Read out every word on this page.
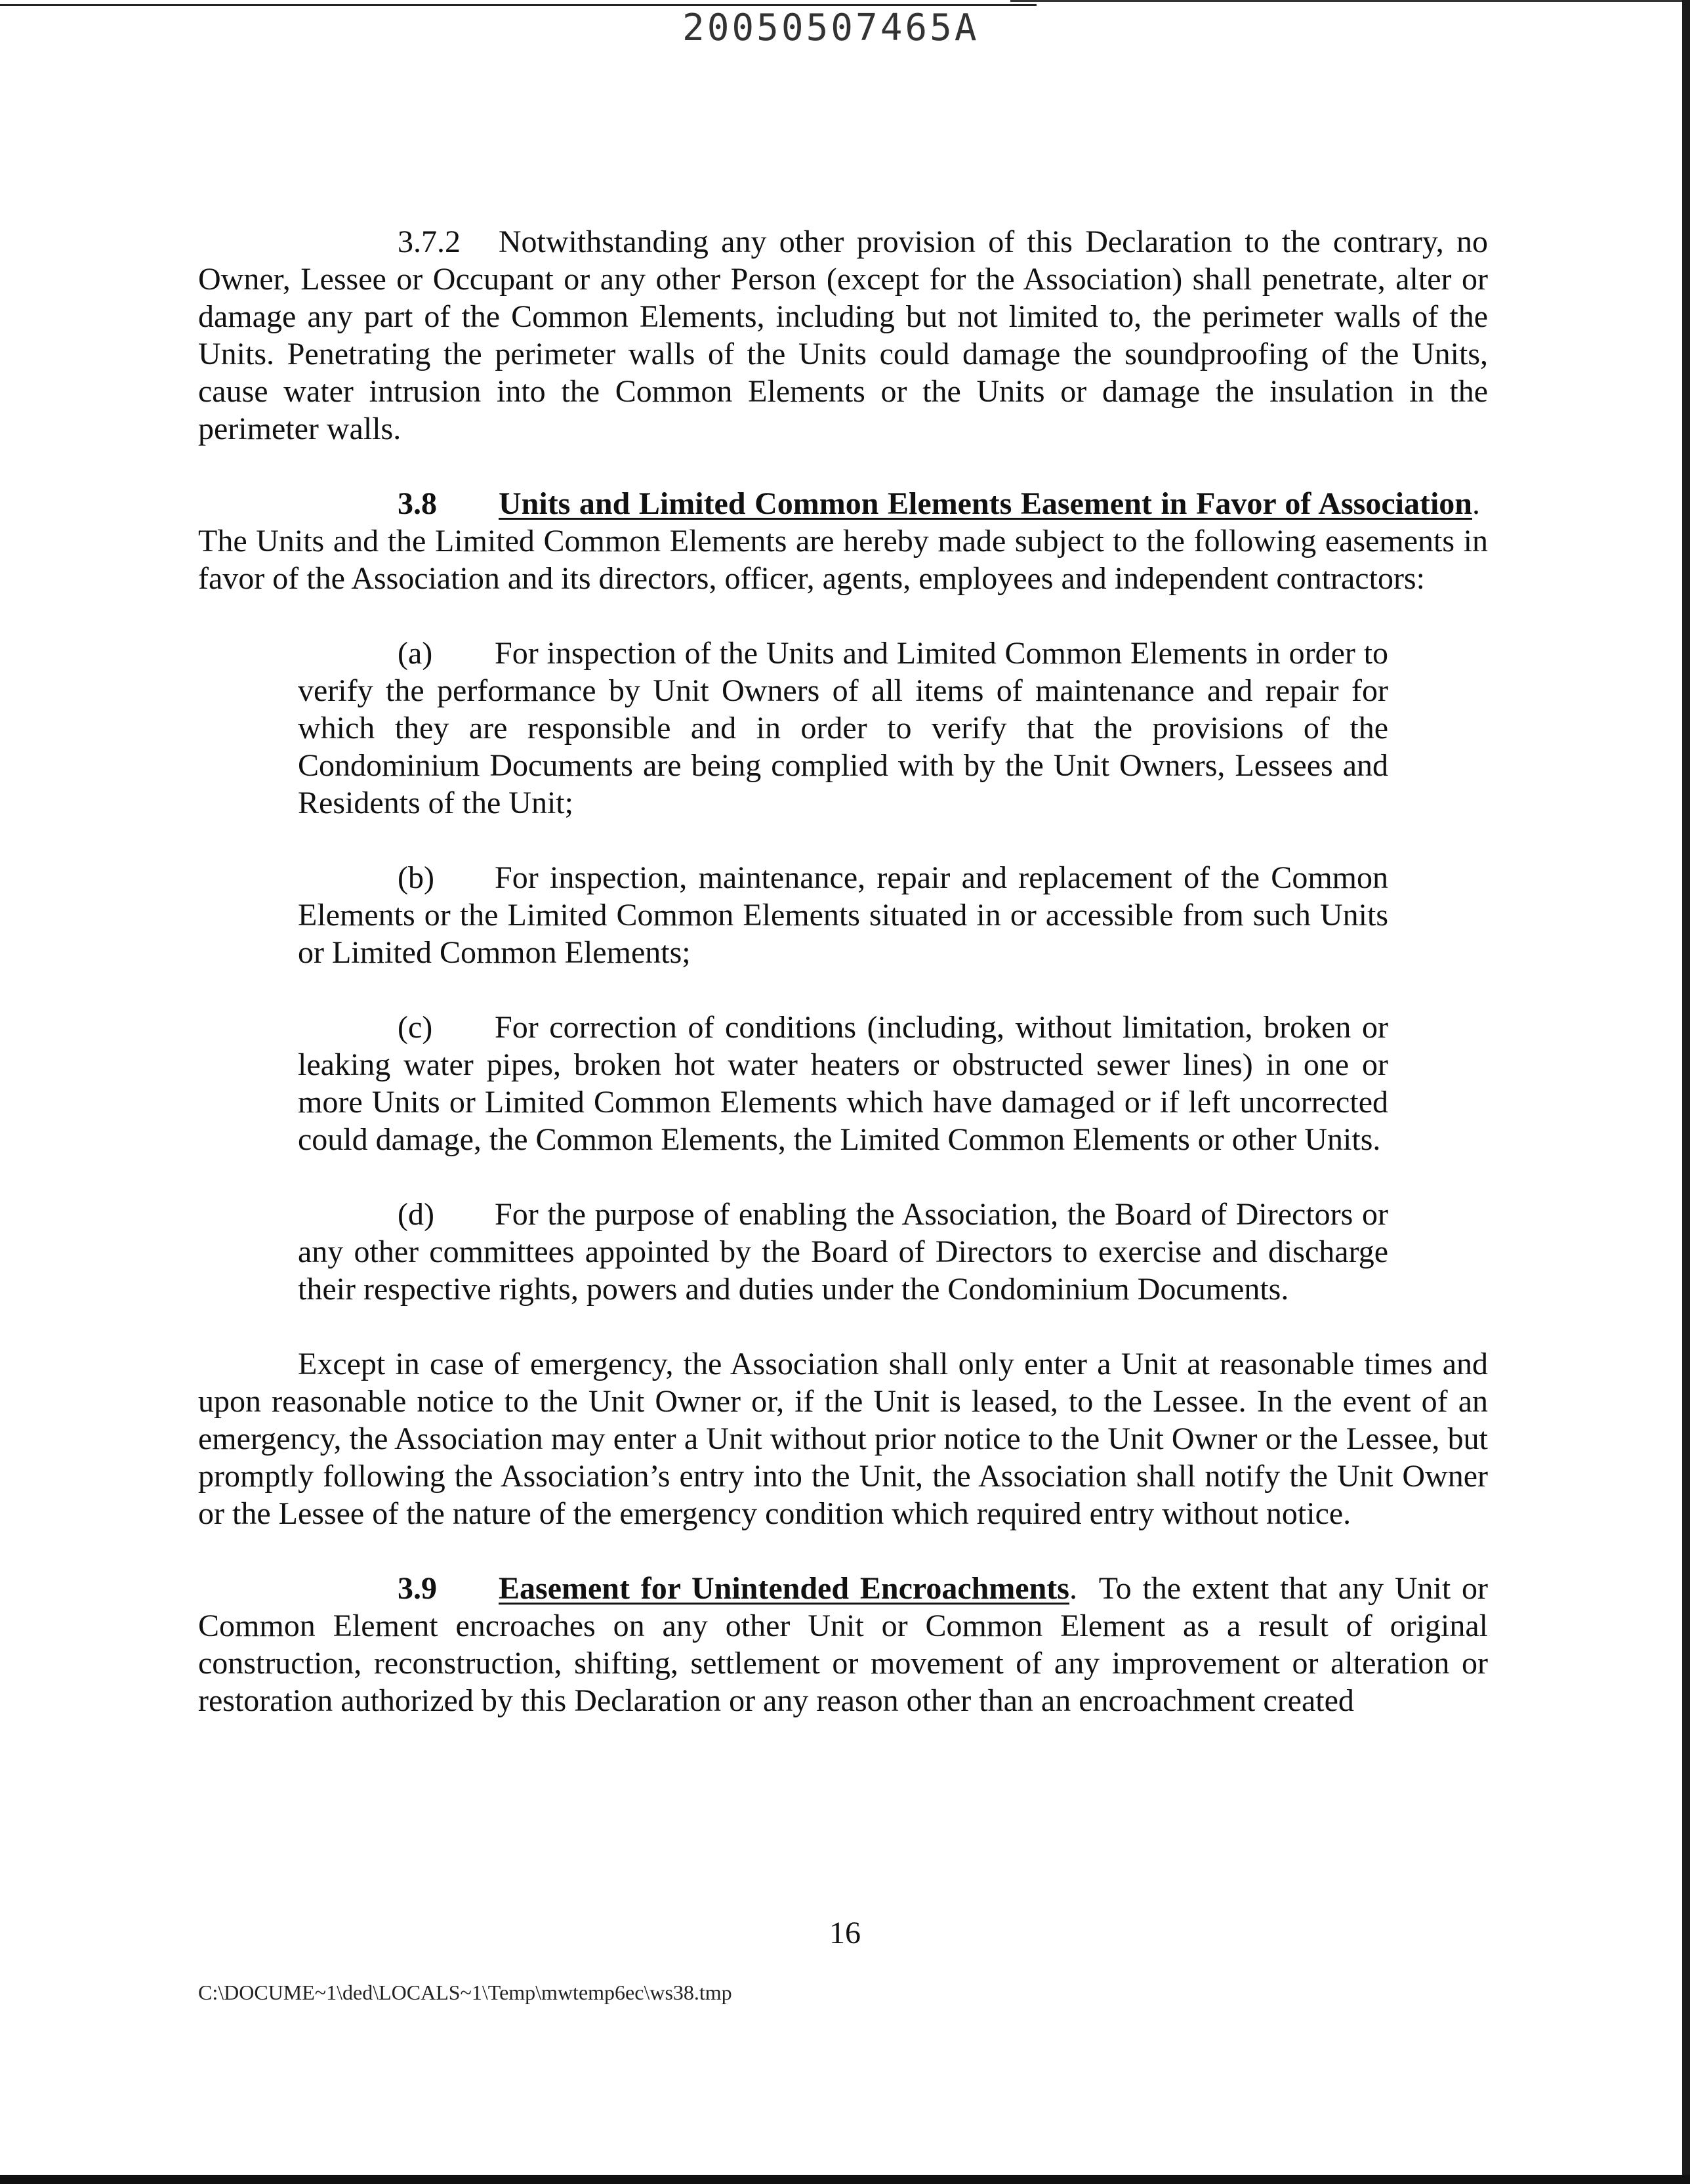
20050507465A

3.7.2 Notwithstanding any other provision of this Declaration to the contrary, no Owner, Lessee or Occupant or any other Person (except for the Association) shall penetrate, alter or damage any part of the Common Elements, including but not limited to, the perimeter walls of the Units. Penetrating the perimeter walls of the Units could damage the soundproofing of the Units, cause water intrusion into the Common Elements or the Units or damage the insulation in the perimeter walls.

3.8 Units and Limited Common Elements Easement in Favor of Association.  The Units and the Limited Common Elements are hereby made subject to the following easements in favor of the Association and its directors, officer, agents, employees and independent contractors:

(a) For inspection of the Units and Limited Common Elements in order to verify the performance by Unit Owners of all items of maintenance and repair for which they are responsible and in order to verify that the provisions of the Condominium Documents are being complied with by the Unit Owners, Lessees and Residents of the Unit;
(b) For inspection, maintenance, repair and replacement of the Common Elements or the Limited Common Elements situated in or accessible from such Units or Limited Common Elements;
(c) For correction of conditions (including, without limitation, broken or leaking water pipes, broken hot water heaters or obstructed sewer lines) in one or more Units or Limited Common Elements which have damaged or if left uncorrected could damage, the Common Elements, the Limited Common Elements or other Units.
(d) For the purpose of enabling the Association, the Board of Directors or any other committees appointed by the Board of Directors to exercise and discharge their respective rights, powers and duties under the Condominium Documents.

Except in case of emergency, the Association shall only enter a Unit at reasonable times and upon reasonable notice to the Unit Owner or, if the Unit is leased, to the Lessee. In the event of an emergency, the Association may enter a Unit without prior notice to the Unit Owner or the Lessee, but promptly following the Association’s entry into the Unit, the Association shall notify the Unit Owner or the Lessee of the nature of the emergency condition which required entry without notice.

3.9 Easement for Unintended Encroachments. To the extent that any Unit or Common Element encroaches on any other Unit or Common Element as a result of original construction, reconstruction, shifting, settlement or movement of any improvement or alteration or restoration authorized by this Declaration or any reason other than an encroachment created

16
C:\DOCUME~1\ded\LOCALS~1\Temp\mwtemp6ec\ws38.tmp
